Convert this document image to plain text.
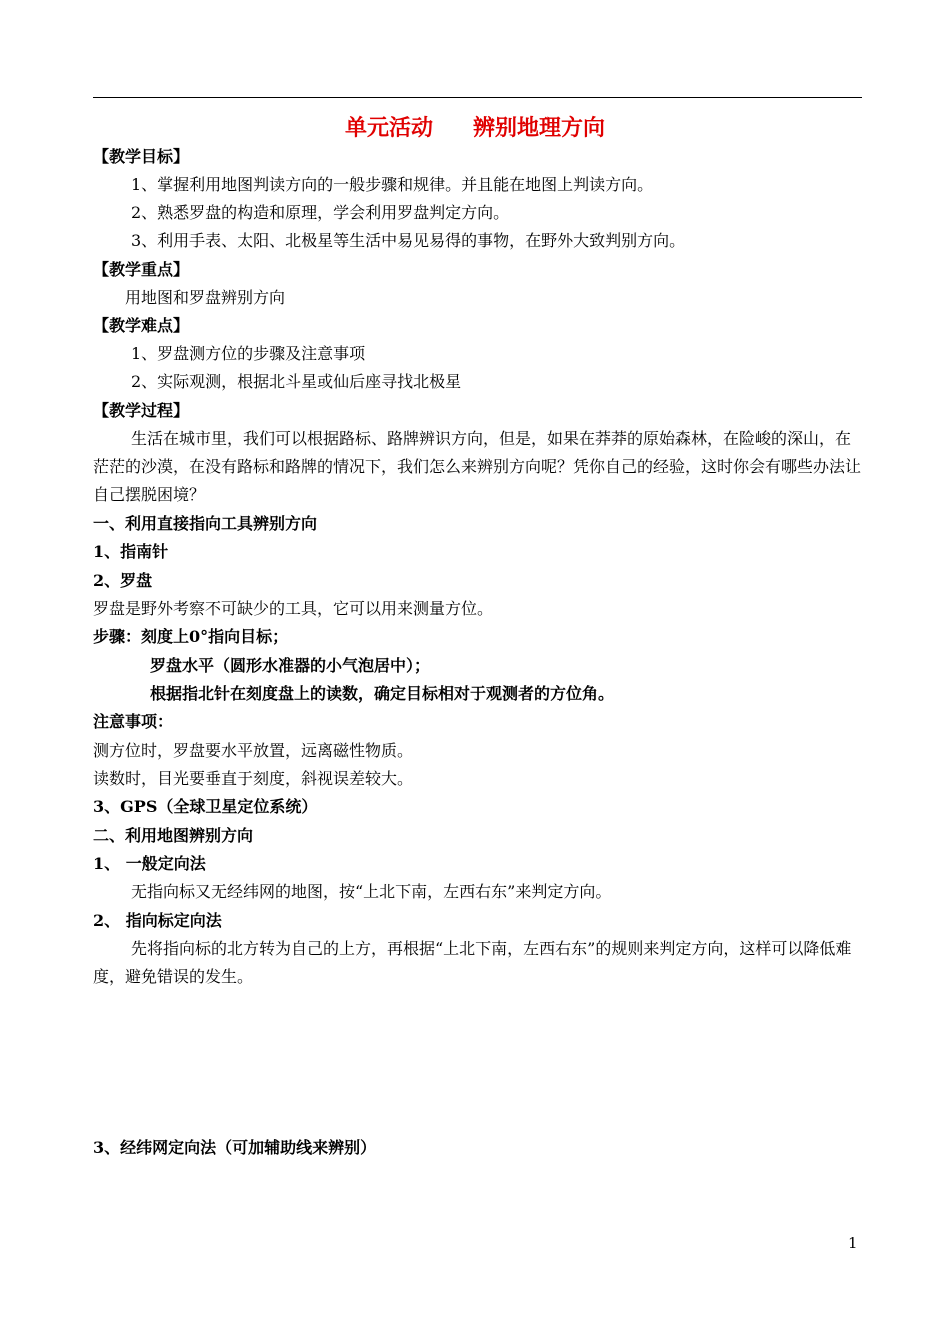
单元活动 辨别地理方向
【教学目标】
1、掌握利用地图判读方向的一般步骤和规律。并且能在地图上判读方向。
2、熟悉罗盘的构造和原理，学会利用罗盘判定方向。
3、利用手表、太阳、北极星等生活中易见易得的事物，在野外大致判别方向。
【教学重点】
用地图和罗盘辨别方向
【教学难点】
1、罗盘测方位的步骤及注意事项
2、实际观测，根据北斗星或仙后座寻找北极星
【教学过程】
生活在城市里，我们可以根据路标、路牌辨识方向，但是，如果在莽莽的原始森林，在险峻的深山，在茫茫的沙漠，在没有路标和路牌的情况下，我们怎么来辨别方向呢？凭你自己的经验，这时你会有哪些办法让自己摆脱困境？
一、利用直接指向工具辨别方向
1、指南针
2、罗盘
罗盘是野外考察不可缺少的工具，它可以用来测量方位。
步骤：刻度上0°指向目标；
罗盘水平（圆形水准器的小气泡居中）；
根据指北针在刻度盘上的读数，确定目标相对于观测者的方位角。
注意事项：
测方位时，罗盘要水平放置，远离磁性物质。
读数时，目光要垂直于刻度，斜视误差较大。
3、GPS（全球卫星定位系统）
二、利用地图辨别方向
1、 一般定向法
无指向标又无经纬网的地图，按“上北下南，左西右东”来判定方向。
2、 指向标定向法
先将指向标的北方转为自己的上方，再根据“上北下南，左西右东”的规则来判定方向，这样可以降低难度，避免错误的发生。
3、经纬网定向法（可加辅助线来辨别）
1
